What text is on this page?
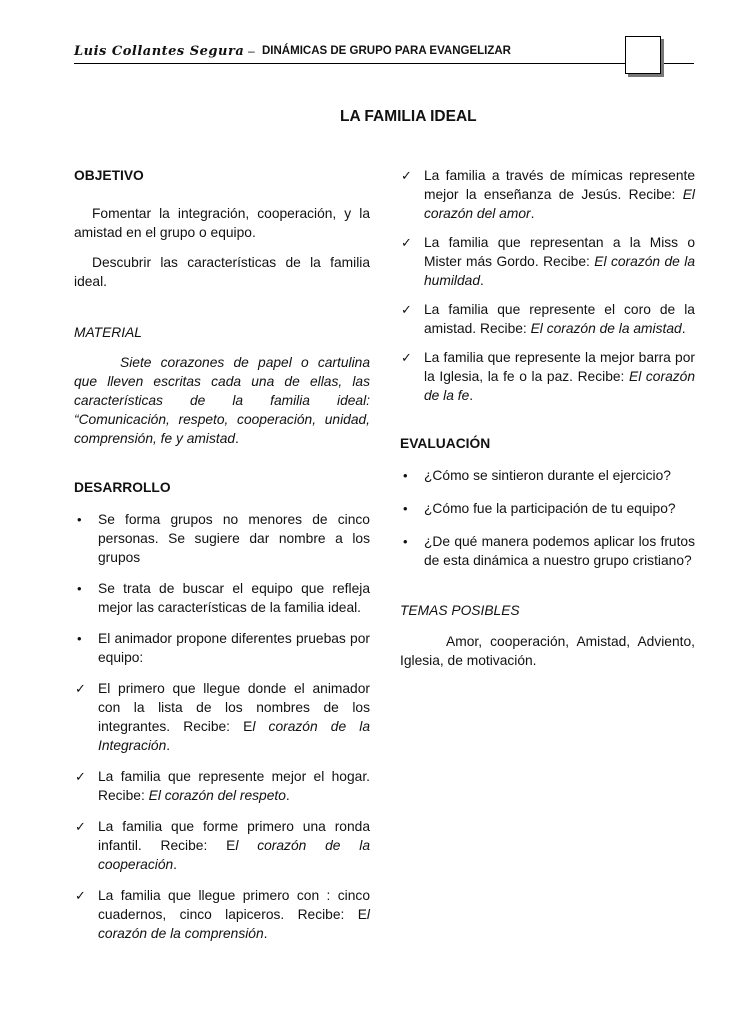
Luis Collantes Segura – DINÁMICAS DE GRUPO PARA EVANGELIZAR
LA FAMILIA IDEAL

OBJETIVO

Fomentar la integración, cooperación, y la amistad en el grupo o equipo.

Descubrir las características de la familia ideal.

MATERIAL

Siete corazones de papel o cartulina que lleven escritas cada una de ellas, las características de la familia ideal: “Comunicación, respeto, cooperación, unidad, comprensión, fe y amistad.

DESARROLLO

• Se forma grupos no menores de cinco personas. Se sugiere dar nombre a los grupos
• Se trata de buscar el equipo que refleja mejor las características de la familia ideal.
• El animador propone diferentes pruebas por equipo:
✓ El primero que llegue donde el animador con la lista de los nombres de los integrantes. Recibe: El corazón de la Integración.
✓ La familia que represente mejor el hogar. Recibe: El corazón del respeto.
✓ La familia que forme primero una ronda infantil. Recibe: El corazón de la cooperación.
✓ La familia que llegue primero con : cinco cuadernos, cinco lapiceros. Recibe: El corazón de la comprensión.
✓ La familia a través de mímicas represente mejor la enseñanza de Jesús. Recibe: El corazón del amor.
✓ La familia que representan a la Miss o Mister más Gordo. Recibe: El corazón de la humildad.
✓ La familia que represente el coro de la amistad. Recibe: El corazón de la amistad.
✓ La familia que represente la mejor barra por la Iglesia, la fe o la paz. Recibe: El corazón de la fe.

EVALUACIÓN

• ¿Cómo se sintieron durante el ejercicio?
• ¿Cómo fue la participación de tu equipo?
• ¿De qué manera podemos aplicar los frutos de esta dinámica a nuestro grupo cristiano?

TEMAS POSIBLES

Amor, cooperación, Amistad, Adviento, Iglesia, de motivación.
